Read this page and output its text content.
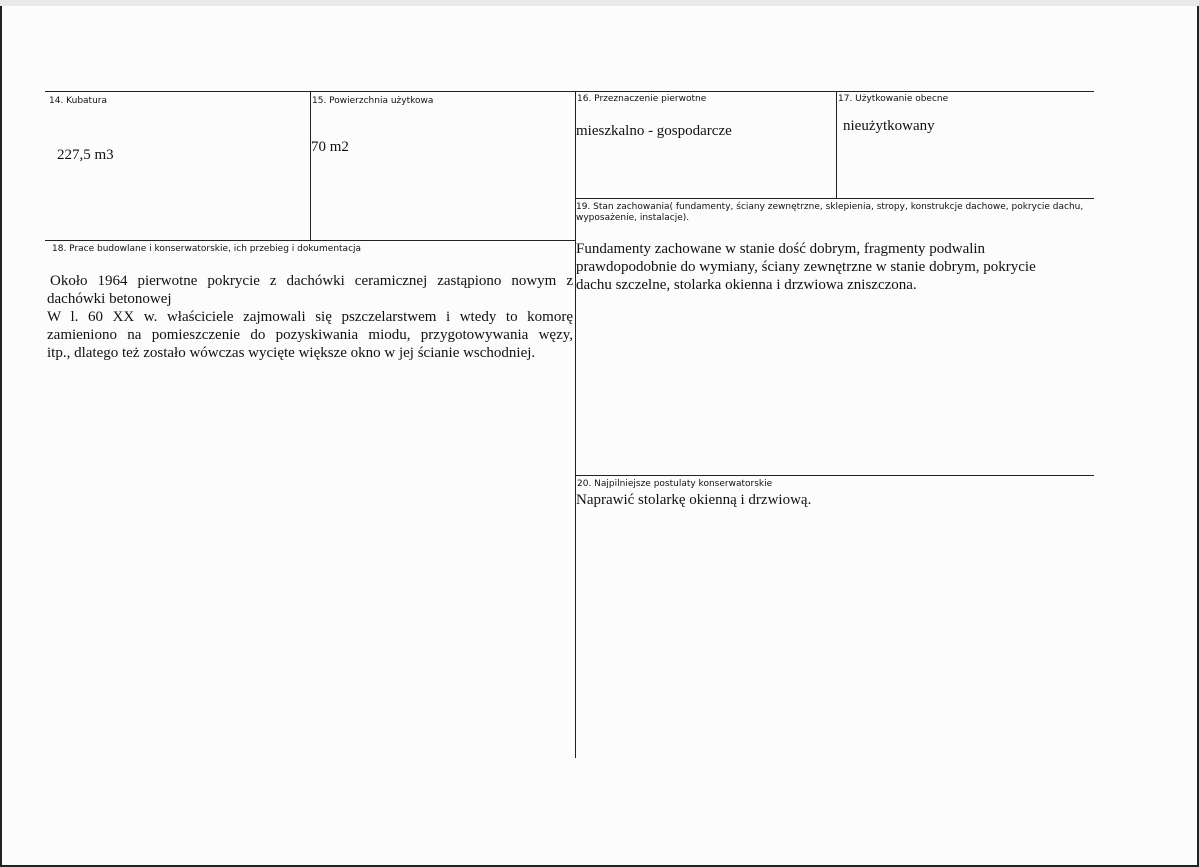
14. Kubatura
227,5 m3
15. Powierzchnia użytkowa
70 m2
16. Przeznaczenie pierwotne
mieszkalno - gospodarcze
17. Użytkowanie obecne
nieużytkowany
19. Stan zachowania( fundamenty, ściany zewnętrzne, sklepienia, stropy, konstrukcje dachowe, pokrycie dachu, wyposażenie, instalacje).

Fundamenty zachowane w stanie dość dobrym, fragmenty podwalin

prawdopodobnie do wymiany, ściany zewnętrzne w stanie dobrym, pokrycie

dachu szczelne, stolarka okienna i drzwiowa zniszczona.

18. Prace budowlane i konserwatorskie, ich przebieg i dokumentacja

Około 1964 pierwotne pokrycie z dachówki ceramicznej zastąpiono nowym z

dachówki betonowej

W l. 60 XX w. właściciele zajmowali się pszczelarstwem i wtedy to komorę

zamieniono na pomieszczenie do pozyskiwania miodu, przygotowywania węzy,

itp., dlatego też zostało wówczas wycięte większe okno w jej ścianie wschodniej.

20. Najpilniejsze postulaty konserwatorskie
Naprawić stolarkę okienną i drzwiową.
